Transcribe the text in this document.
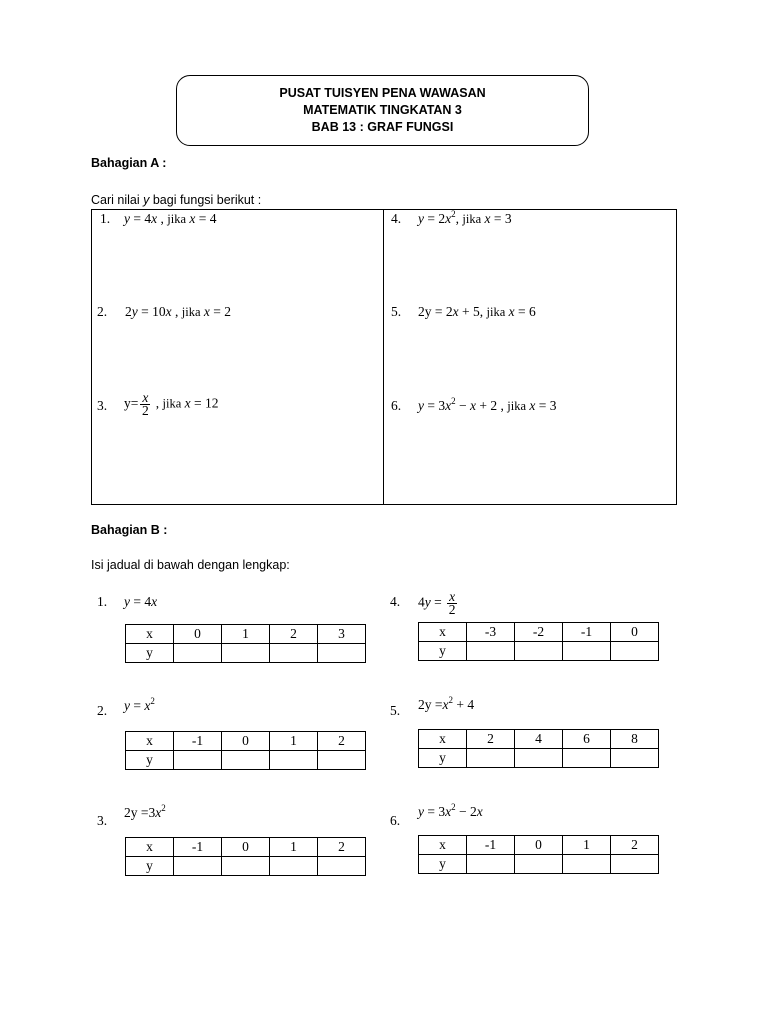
PUSAT TUISYEN PENA WAWASAN
MATEMATIK TINGKATAN 3
BAB 13 : GRAF FUNGSI
Bahagian A :
Cari nilai y bagi fungsi berikut :
1. y = 4x , jika x = 4
2. 2y = 10x , jika x = 2
3. $y= \frac{x}{2}$ , jika x = 12
4. $y = 2x^2$, jika x = 3
5. 2y = 2x + 5, jika x = 6
6. $y = 3x^2 - x + 2$ , jika x = 3
Bahagian B :
Isi jadual di bawah dengan lengkap:
1. y = 4x
x	0	1	2	3
y				
2. $y = x^2$
x	-1	0	1	2
y				
3.
$2y =3x^2$
x	-1	0	1	2
y				
4. $4y = \frac{x}{2}$
x	-3	-2	-1	0
y				
5. $2y =x^2 + 4$
x	2	4	6	8
y				
6.
$y = 3x^2 - 2x$
x	-1	0	1	2
y				
